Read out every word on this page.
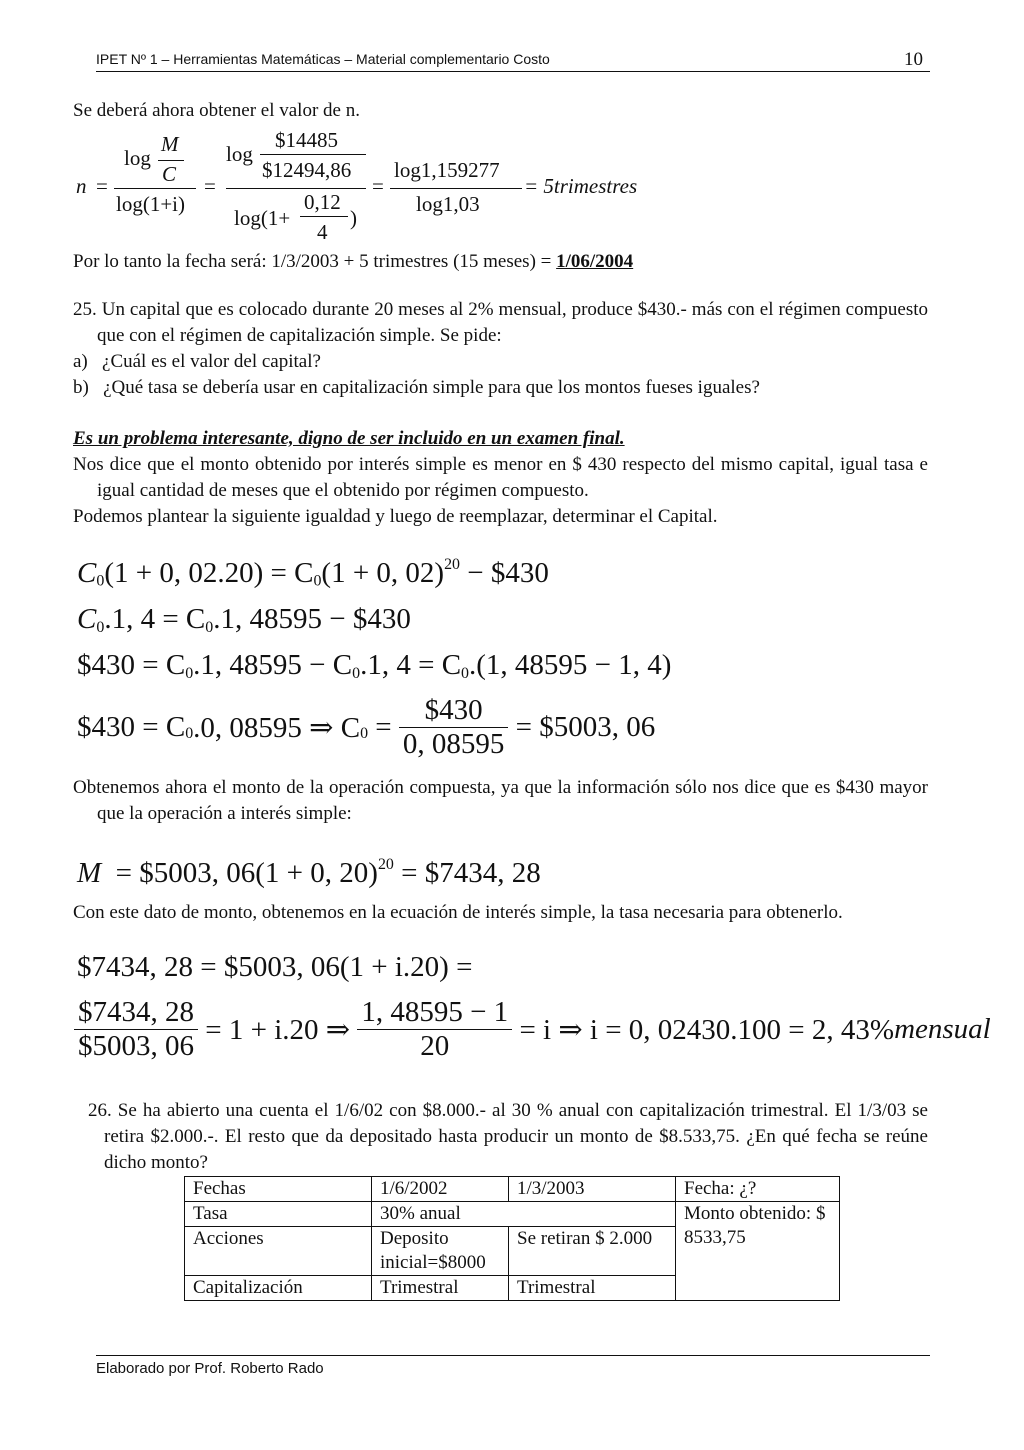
IPET Nº 1 – Herramientas Matemáticas – Material complementario Costo	10
Se deberá ahora obtener el valor de n.
n =
log
M
C
log(1+i)
=
log
$14485
$12494,86
log(1+
0,12
4
)
=
log1,159277
log1,03
= 5trimestres
Por lo tanto la fecha será: 1/3/2003 + 5 trimestres (15 meses) = 1/06/2004
25. Un capital que es colocado durante 20 meses al 2% mensual, produce $430.- más con el régimen compuesto que con el régimen de capitalización simple. Se pide:
a)   ¿Cuál es el valor del capital?
b)   ¿Qué tasa se debería usar en capitalización simple para que los montos fueses iguales?
Es un problema interesante, digno de ser incluido en un examen final.
Nos dice que el monto obtenido por interés simple es menor en $ 430 respecto del mismo capital, igual tasa e igual cantidad de meses que el obtenido por régimen compuesto.
Podemos plantear la siguiente igualdad y luego de reemplazar, determinar el Capital.
$C_0(1 + 0$, $02.20) = C_0(1 + 0$, 02)$^{20}$ − $430
$C_0.1$, $4 = C_0.1$, 48595 − $430
$430 = $C_0.1$, $48595 - C_0.1$, $4 = C_0.(1$, 48595 − 1, 4)
$430 = $C_0.0$, 08595 ⇒ $C_0 = \frac{\$430}{0, 08595}$ = $5003, 06
Obtenemos ahora el monto de la operación compuesta, ya que la información sólo nos dice que es $430 mayor que la operación a interés simple:
M  = $5003, 06(1 + 0, 20)$^{20}$ = $7434, 28
Con este dato de monto, obtenemos en la ecuación de interés simple, la tasa necesaria para obtenerlo.
$7434, 28 = $5003, 06(1 + i.20) =
$\frac{\$7434, 28}{\$5003, 06} = 1 + i.20$ ⇒ $\frac{1, 48595 - 1}{20} = i$ ⇒ i = 0, 02430.100 = 2, 43%mensual
26. Se ha abierto una cuenta el 1/6/02 con $8.000.- al 30 % anual con capitalización trimestral. El 1/3/03 se retira $2.000.-. El resto que da depositado hasta producir un monto de $8.533,75. ¿En qué fecha se reúne dicho monto?
Fechas	1/6/2002	1/3/2003	Fecha: ¿?
Tasa	30% anual		Monto obtenido: $ 8533,75
Acciones	Deposito inicial=$8000	Se retiran $ 2.000	
Capitalización	Trimestral	Trimestral	
Elaborado por Prof. Roberto Rado
